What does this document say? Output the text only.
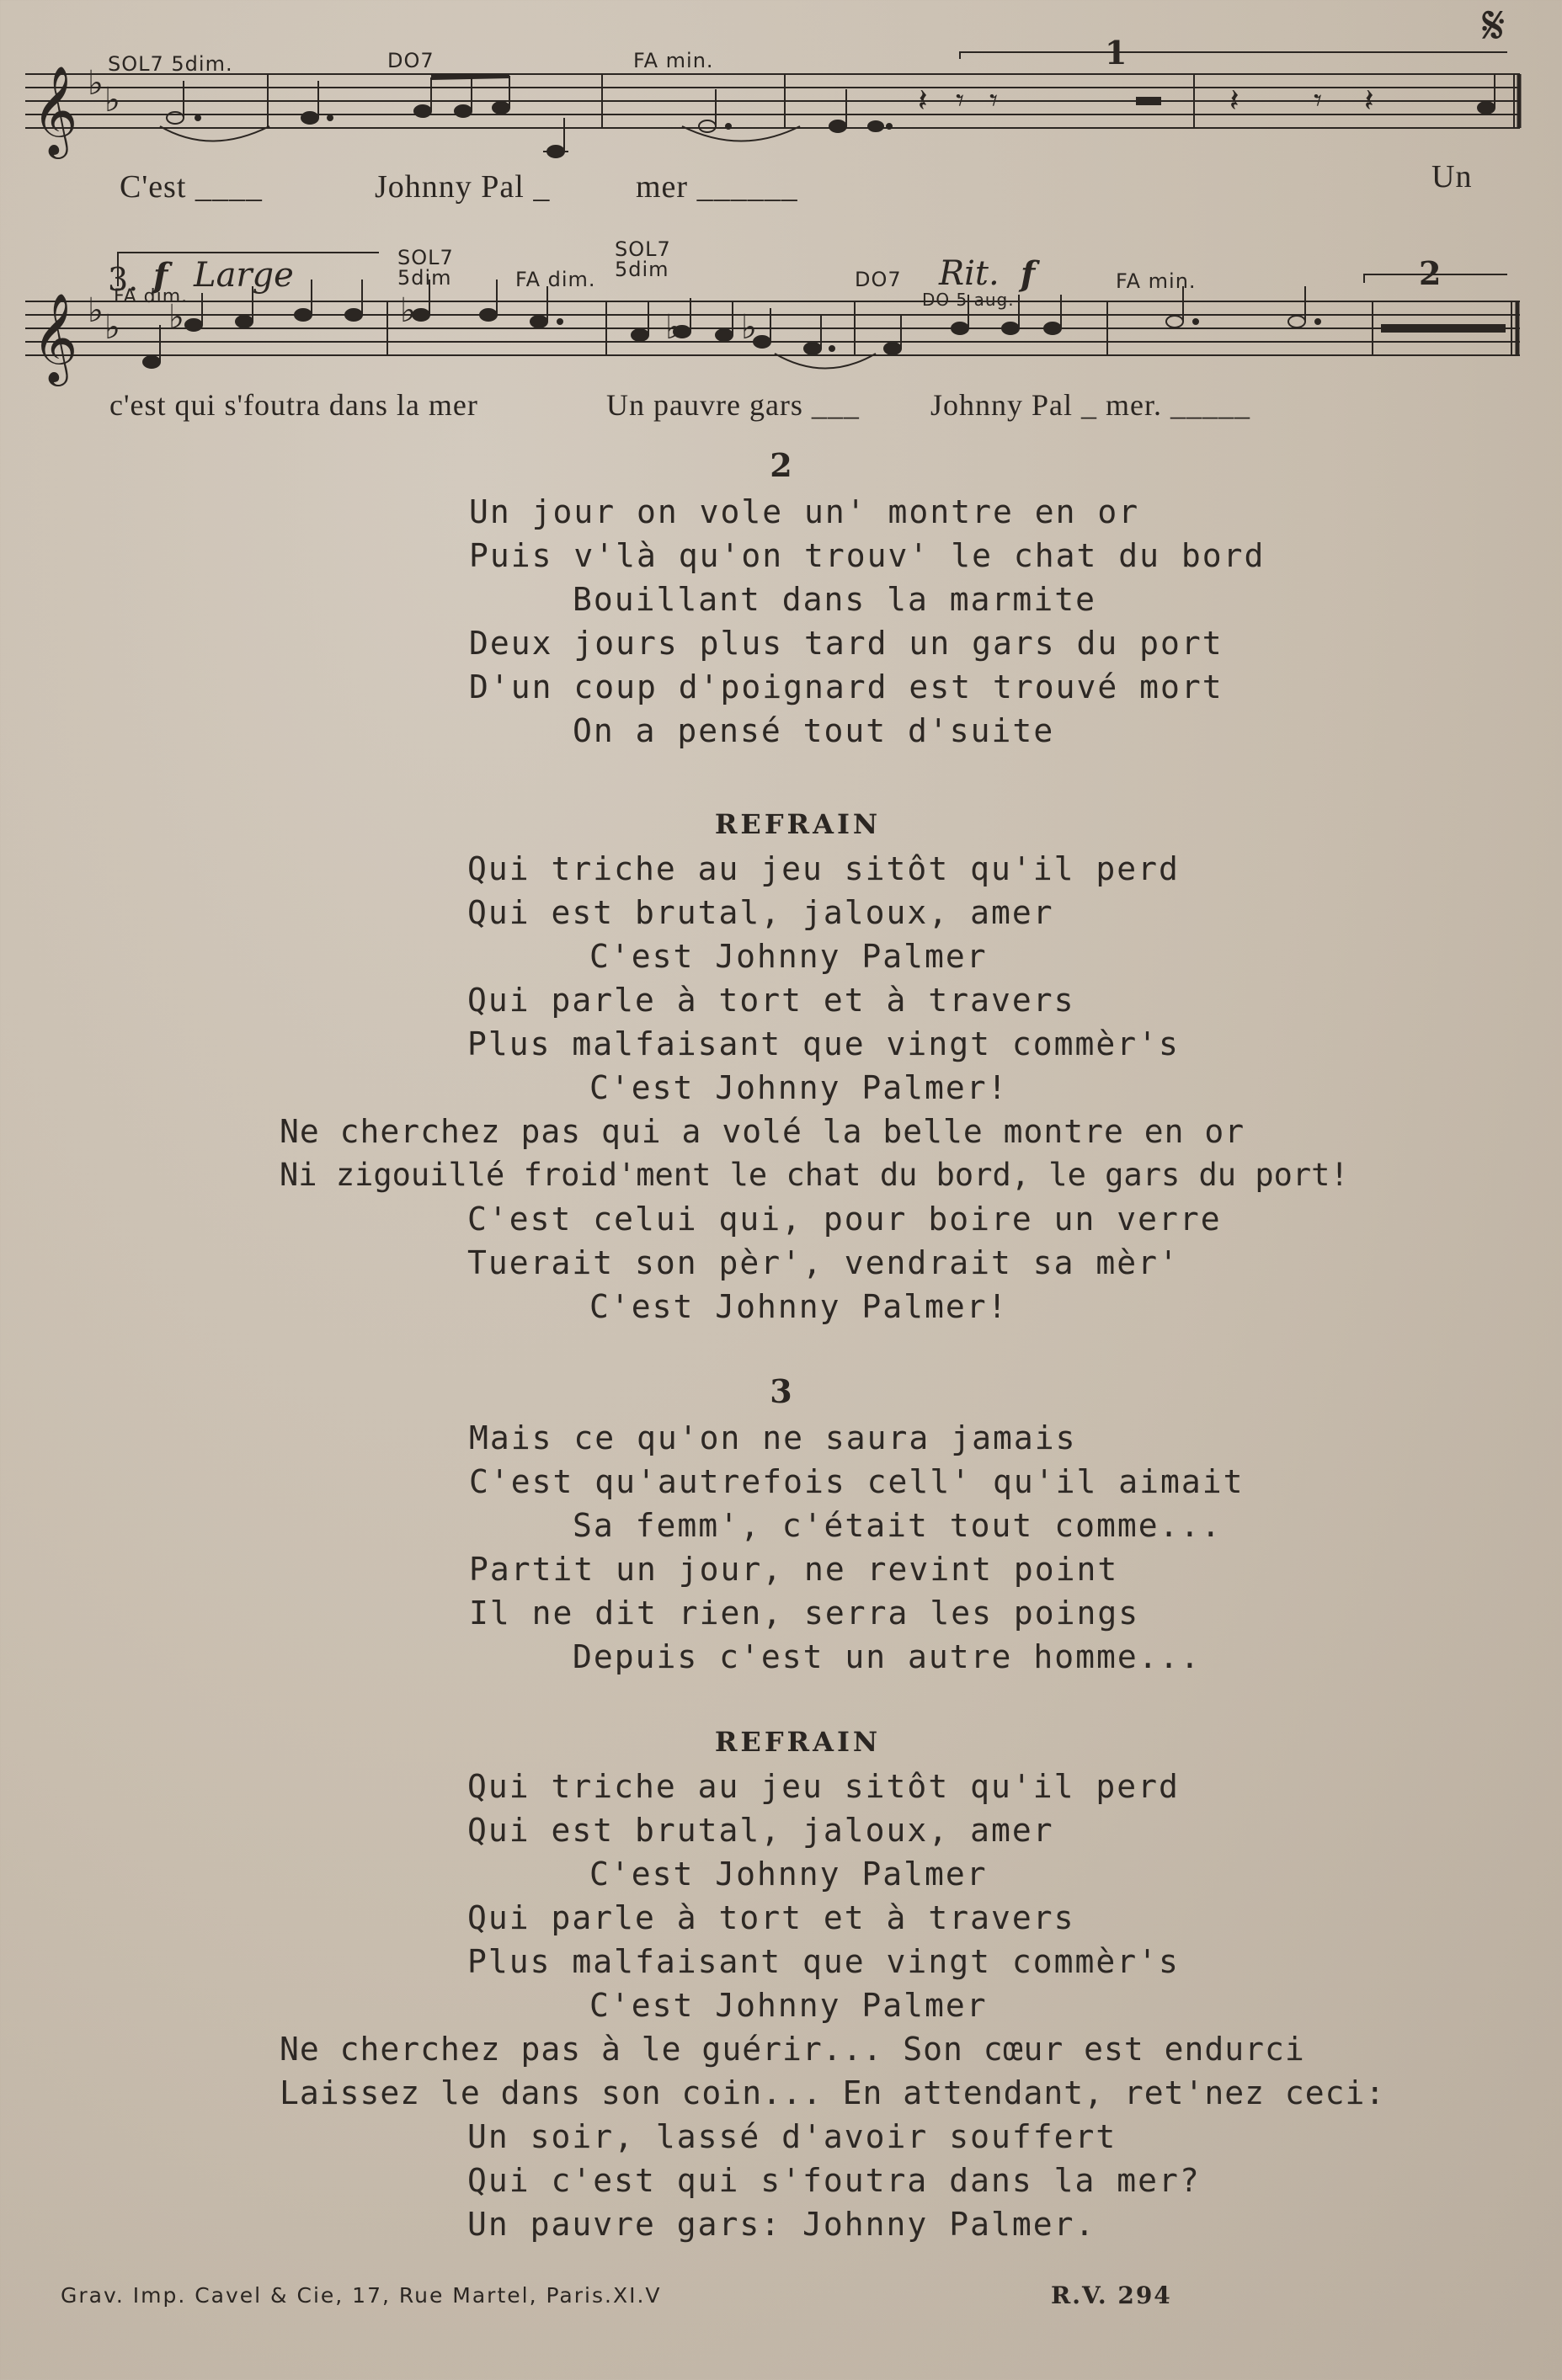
𝄞 ♭ ♭	𝄽 𝄾 𝄾	𝄽 𝄾 𝄽
SOL7 5dim.	DO7	FA min.	1	𝄋
C'est ____	Johnny Pal _	mer ______	Un
𝄞 ♭ ♭ ♭	♭	♭ ♭
3. f Large
FA dim.
SOL7 5dim	FA dim.
SOL7 5dim	DO7
DO 5 aug.
FA min.
Rit. f	2
c'est qui s'foutra dans la mer	Un pauvre gars ___ Johnny Pal _ mer. _____
2
Un jour on vole un' montre en or
Puis v'là qu'on trouv' le chat du bord
Bouillant dans la marmite
Deux jours plus tard un gars du port
D'un coup d'poignard est trouvé mort
On a pensé tout d'suite
REFRAIN
Qui triche au jeu sitôt qu'il perd
Qui est brutal, jaloux, amer
C'est Johnny Palmer
Qui parle à tort et à travers
Plus malfaisant que vingt commèr's
C'est Johnny Palmer!
Ne cherchez pas qui a volé la belle montre en or
Ni zigouillé froid'ment le chat du bord, le gars du port!
C'est celui qui, pour boire un verre
Tuerait son pèr', vendrait sa mèr'
C'est Johnny Palmer!
3
Mais ce qu'on ne saura jamais
C'est qu'autrefois cell' qu'il aimait
Sa femm', c'était tout comme...
Partit un jour, ne revint point
Il ne dit rien, serra les poings
Depuis c'est un autre homme...
REFRAIN
Qui triche au jeu sitôt qu'il perd
Qui est brutal, jaloux, amer
C'est Johnny Palmer
Qui parle à tort et à travers
Plus malfaisant que vingt commèr's
C'est Johnny Palmer
Ne cherchez pas à le guérir... Son cœur est endurci
Laissez le dans son coin... En attendant, ret'nez ceci:
Un soir, lassé d'avoir souffert
Qui c'est qui s'foutra dans la mer?
Un pauvre gars: Johnny Palmer.
Grav. Imp. Cavel & Cie, 17, Rue Martel, Paris.XI.V	R.V. 294
